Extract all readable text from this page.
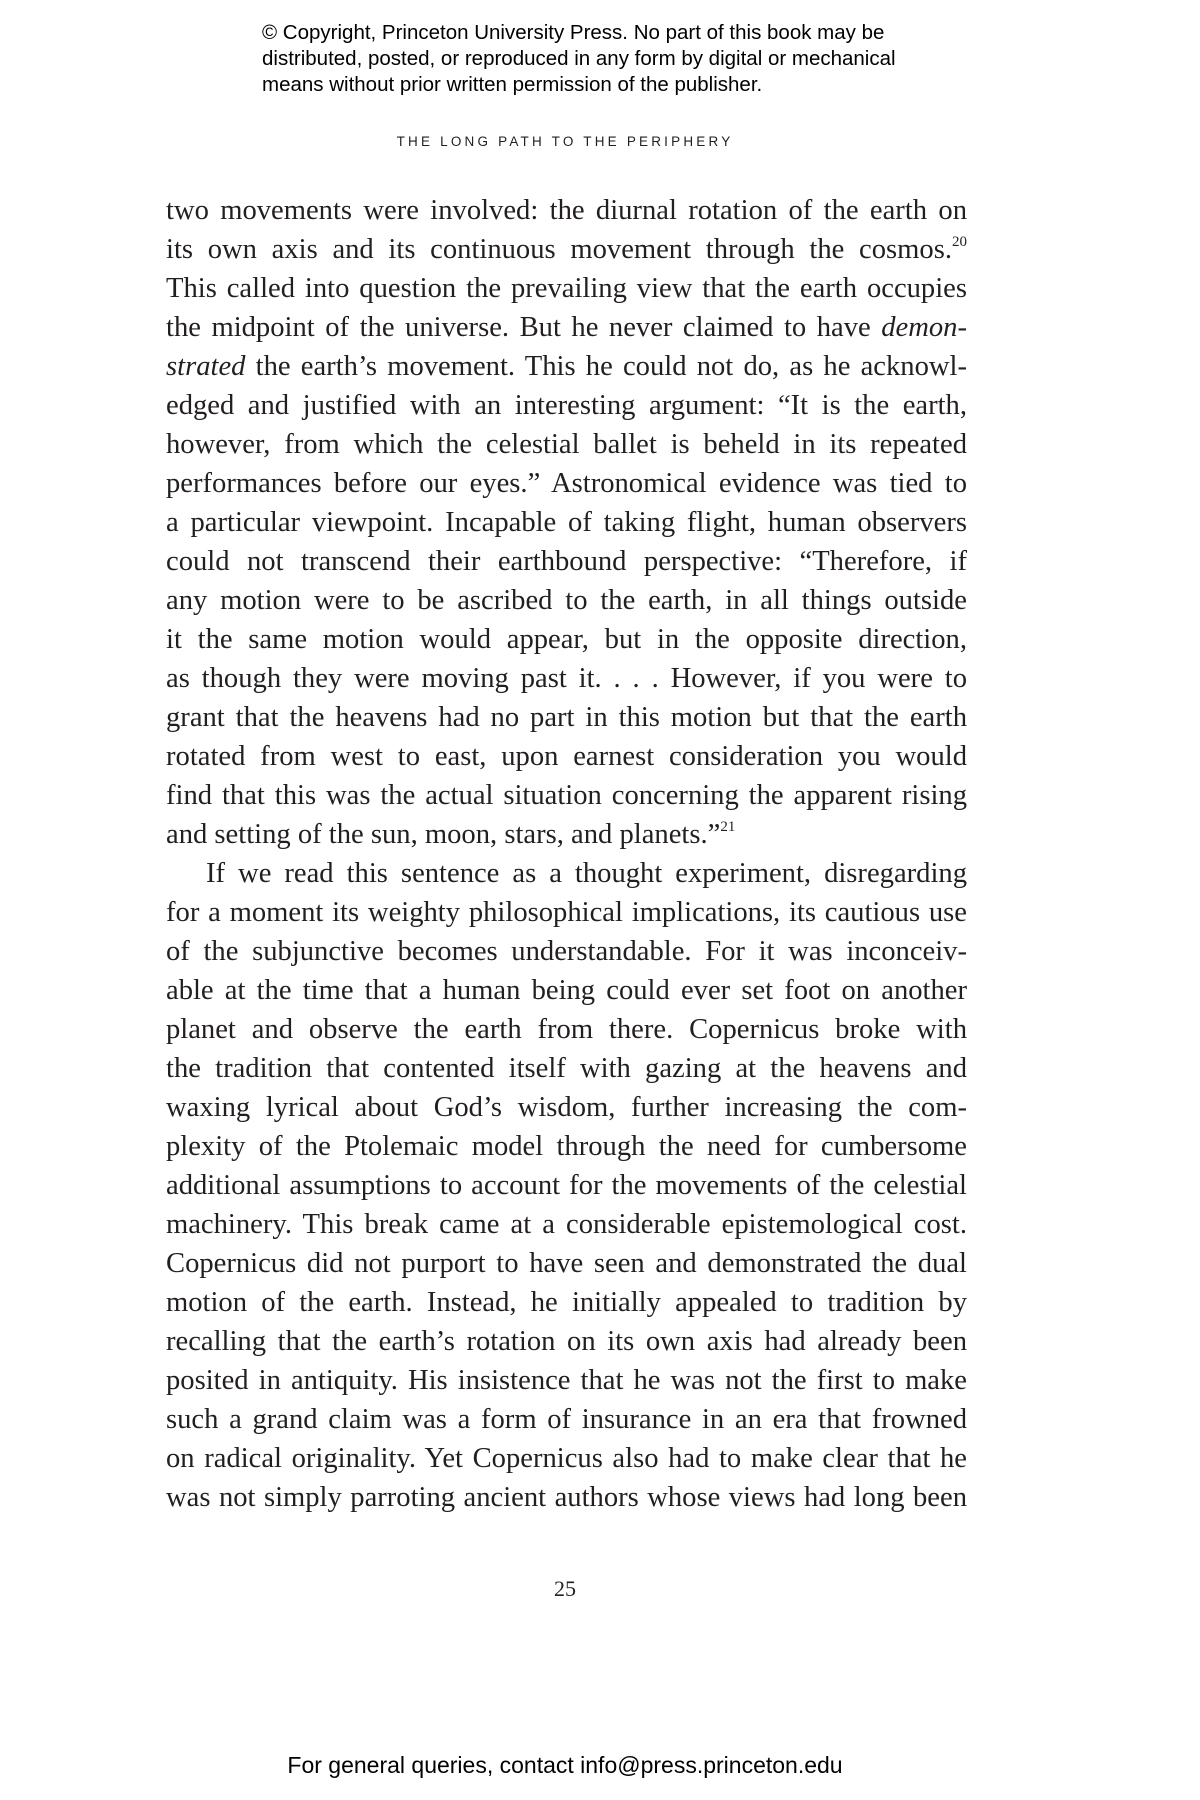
© Copyright, Princeton University Press. No part of this book may be
distributed, posted, or reproduced in any form by digital or mechanical
means without prior written permission of the publisher.
THE LONG PATH TO THE PERIPHERY

two movements were involved: the diurnal rotation of the earth on
its own axis and its continuous movement through the cosmos.$^{20}$
This called into question the prevailing view that the earth occupies
the midpoint of the universe. But he never claimed to have demon-
strated the earth’s movement. This he could not do, as he acknowl-
edged and justified with an interesting argument: “It is the earth,
however, from which the celestial ballet is beheld in its repeated
performances before our eyes.” Astronomical evidence was tied to
a particular viewpoint. Incapable of taking flight, human observers
could not transcend their earthbound perspective: “Therefore, if
any motion were to be ascribed to the earth, in all things outside
it the same motion would appear, but in the opposite direction,
as though they were moving past it. . . . However, if you were to
grant that the heavens had no part in this motion but that the earth
rotated from west to east, upon earnest consideration you would
find that this was the actual situation concerning the apparent rising
and setting of the sun, moon, stars, and planets.”$^{21}$

If we read this sentence as a thought experiment, disregarding
for a moment its weighty philosophical implications, its cautious use
of the subjunctive becomes understandable. For it was inconceiv-
able at the time that a human being could ever set foot on another
planet and observe the earth from there. Copernicus broke with
the tradition that contented itself with gazing at the heavens and
waxing lyrical about God’s wisdom, further increasing the com-
plexity of the Ptolemaic model through the need for cumbersome
additional assumptions to account for the movements of the celestial
machinery. This break came at a considerable epistemological cost.
Copernicus did not purport to have seen and demonstrated the dual
motion of the earth. Instead, he initially appealed to tradition by
recalling that the earth’s rotation on its own axis had already been
posited in antiquity. His insistence that he was not the first to make
such a grand claim was a form of insurance in an era that frowned
on radical originality. Yet Copernicus also had to make clear that he
was not simply parroting ancient authors whose views had long been

25
For general queries, contact info@press.princeton.edu
